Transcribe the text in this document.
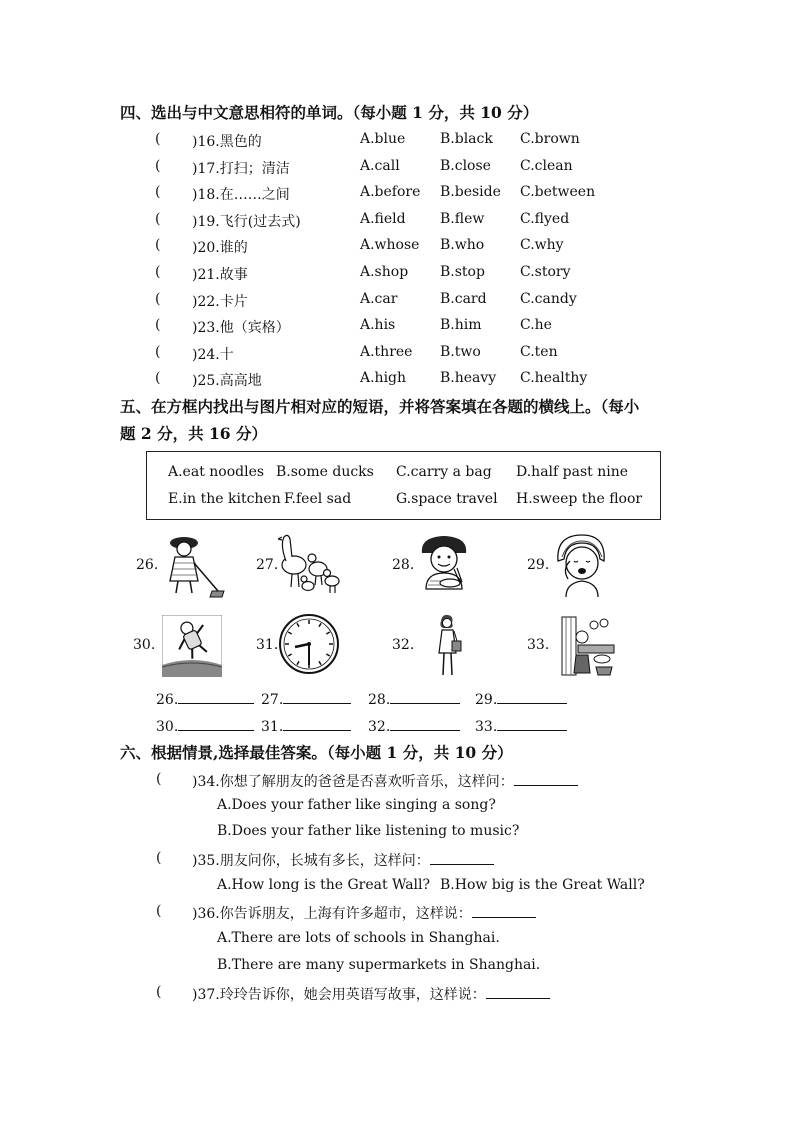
四、选出与中文意思相符的单词。（每小题 1 分，共 10 分）
( )16.黑色的	A.blue B.black C.brown
( )17.打扫；清洁	A.call	B.close C.clean
( )18.在……之间	A.before B.beside C.between
( )19.飞行(过去式)	A.field B.flew	C.flyed
( )20.谁的	A.whose B.who	C.why
( )21.故事	A.shop B.stop	C.story
( )22.卡片	A.car	B.card C.candy
( )23.他（宾格）	A.his	B.him	C.he
( )24.十	A.three B.two	C.ten
( )25.高高地	A.high B.heavy C.healthy
五、在方框内找出与图片相对应的短语，并将答案填在各题的横线上。（每小
题 2 分，共 16 分）
A.eat noodles B.some ducks C.carry a bag D.half past nine
E.in the kitchen F.feel sad	G.space travel H.sweep the floor
26.	27.	28.	29.
30.	31.	32.	33.
26.	27.	28.	29.
30.	31.	32.	33.
六、根据情景,选择最佳答案。（每小题 1 分，共 10 分）
( )34.你想了解朋友的爸爸是否喜欢听音乐，这样问：
A.Does your father like singing a song?
B.Does your father like listening to music?
( )35.朋友问你，长城有多长，这样问：
A.How long is the Great Wall? B.How big is the Great Wall?
( )36.你告诉朋友，上海有许多超市，这样说：
A.There are lots of schools in Shanghai.
B.There are many supermarkets in Shanghai.
( )37.玲玲告诉你，她会用英语写故事，这样说：
